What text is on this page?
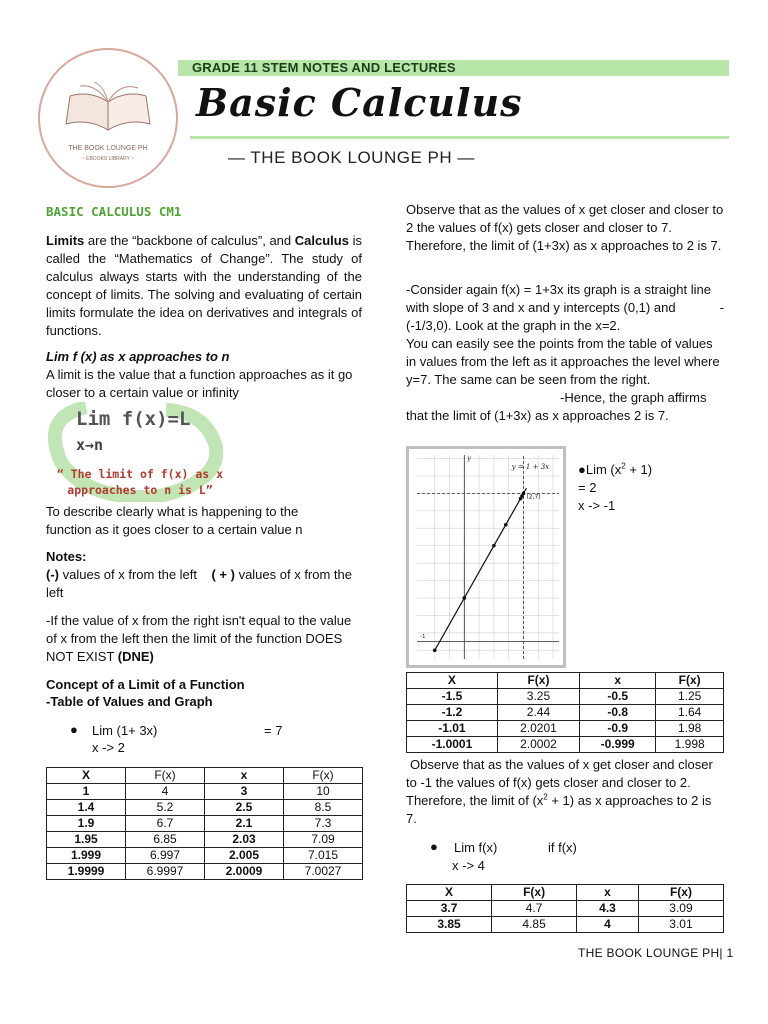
THE BOOK LOUNGE PH
~ EBOOKS LIBRARY ~
GRADE 11 STEM NOTES AND LECTURES
Basic Calculus
— THE BOOK LOUNGE PH —
BASIC CALCULUS CM1
Limits are the “backbone of calculus”, and Calculus is called the “Mathematics of Change”. The study of calculus always starts with the understanding of the concept of limits. The solving and evaluating of certain limits formulate the idea on derivatives and integrals of functions.
Lim f (x) as x approaches to n
A limit is the value that a function approaches as it go closer to a certain value or infinity
Lim f(x)=L
x→n
“ The limit of f(x) as x approaches to n is L”
To describe clearly what is happening to the function as it goes closer to a certain value n
Notes:
(-) values of x from the left ( + ) values of x from the left
-If the value of x from the right isn't equal to the value of x from the left then the limit of the function DOES NOT EXIST (DNE)
Concept of a Limit of a Function
-Table of Values and Graph
● Lim (1+ 3x)	= 7
x -> 2
X	F(x)	x	F(x)
1	4	3	10
1.4	5.2	2.5	8.5
1.9	6.7	2.1	7.3
1.95	6.85	2.03	7.09
1.999	6.997	2.005	7.015
1.9999	6.9997	2.0009	7.0027
Observe that as the values of x get closer and closer to 2 the values of f(x) gets closer and closer to 7. Therefore, the limit of (1+3x) as x approaches to 2 is 7.
-Consider again f(x) = 1+3x its graph is a straight line with slope of 3 and x and y intercepts (0,1) and (-1/3,0). Look at the graph in the x=2.
-
You can easily see the points from the table of values in values from the left as it approaches the level where y=7. The same can be seen from the right.
-Hence, the graph affirms that the limit of (1+3x) as x approaches 2 is 7.
y = 1 + 3x
(2,7)
y
-1
●Lim $(x^2 + 1)$
= 2
x -> -1
X	F(x)	x	F(x)
-1.5	3.25	-0.5	1.25
-1.2	2.44	-0.8	1.64
-1.01	2.0201	-0.9	1.98
-1.0001	2.0002	-0.999	1.998
Observe that as the values of x get closer and closer to -1 the values of f(x) gets closer and closer to 2. Therefore, the limit of $(x^2 + 1)$ as x approaches to 2 is 7.
● Lim f(x)	if f(x)
x -> 4
X	F(x)	x	F(x)
3.7	4.7	4.3	3.09
3.85	4.85	4	3.01
THE BOOK LOUNGE PH| 1
